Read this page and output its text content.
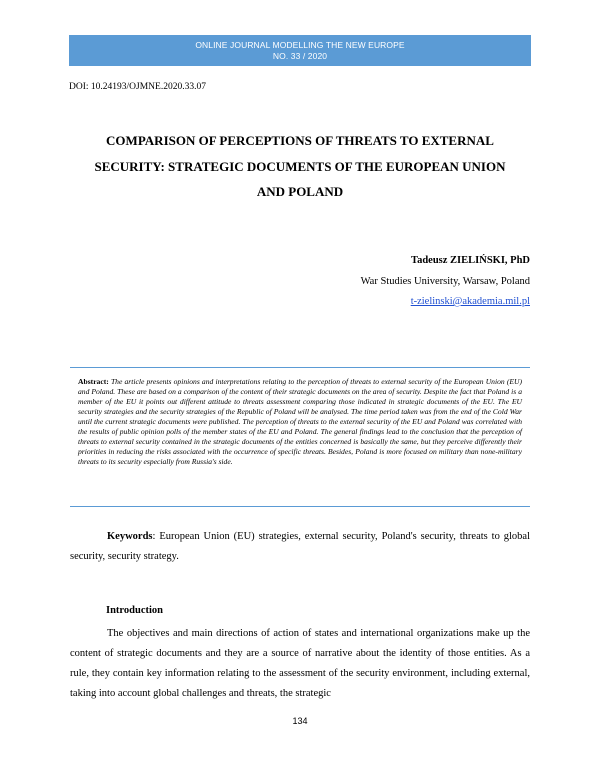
ONLINE JOURNAL MODELLING THE NEW EUROPE
NO. 33 / 2020
DOI: 10.24193/OJMNE.2020.33.07
COMPARISON OF PERCEPTIONS OF THREATS TO EXTERNAL
SECURITY: STRATEGIC DOCUMENTS OF THE EUROPEAN UNION
AND POLAND
Tadeusz ZIELIŃSKI, PhD
War Studies University, Warsaw, Poland
t-zielinski@akademia.mil.pl
Abstract: The article presents opinions and interpretations relating to the perception of threats to external security of the European Union (EU) and Poland. These are based on a comparison of the content of their strategic documents on the area of security. Despite the fact that Poland is a member of the EU it points out different attitude to threats assessment comparing those indicated in strategic documents of the EU. The EU security strategies and the security strategies of the Republic of Poland will be analysed. The time period taken was from the end of the Cold War until the current strategic documents were published. The perception of threats to the external security of the EU and Poland was correlated with the results of public opinion polls of the member states of the EU and Poland. The general findings lead to the conclusion that the perception of threats to external security contained in the strategic documents of the entities concerned is basically the same, but they perceive differently their priorities in reducing the risks associated with the occurrence of specific threats. Besides, Poland is more focused on military than none-military threats to its security especially from Russia's side.
Keywords: European Union (EU) strategies, external security, Poland's security, threats to global security, security strategy.
Introduction
The objectives and main directions of action of states and international organizations make up the content of strategic documents and they are a source of narrative about the identity of those entities. As a rule, they contain key information relating to the assessment of the security environment, including external, taking into account global challenges and threats, the strategic
134
